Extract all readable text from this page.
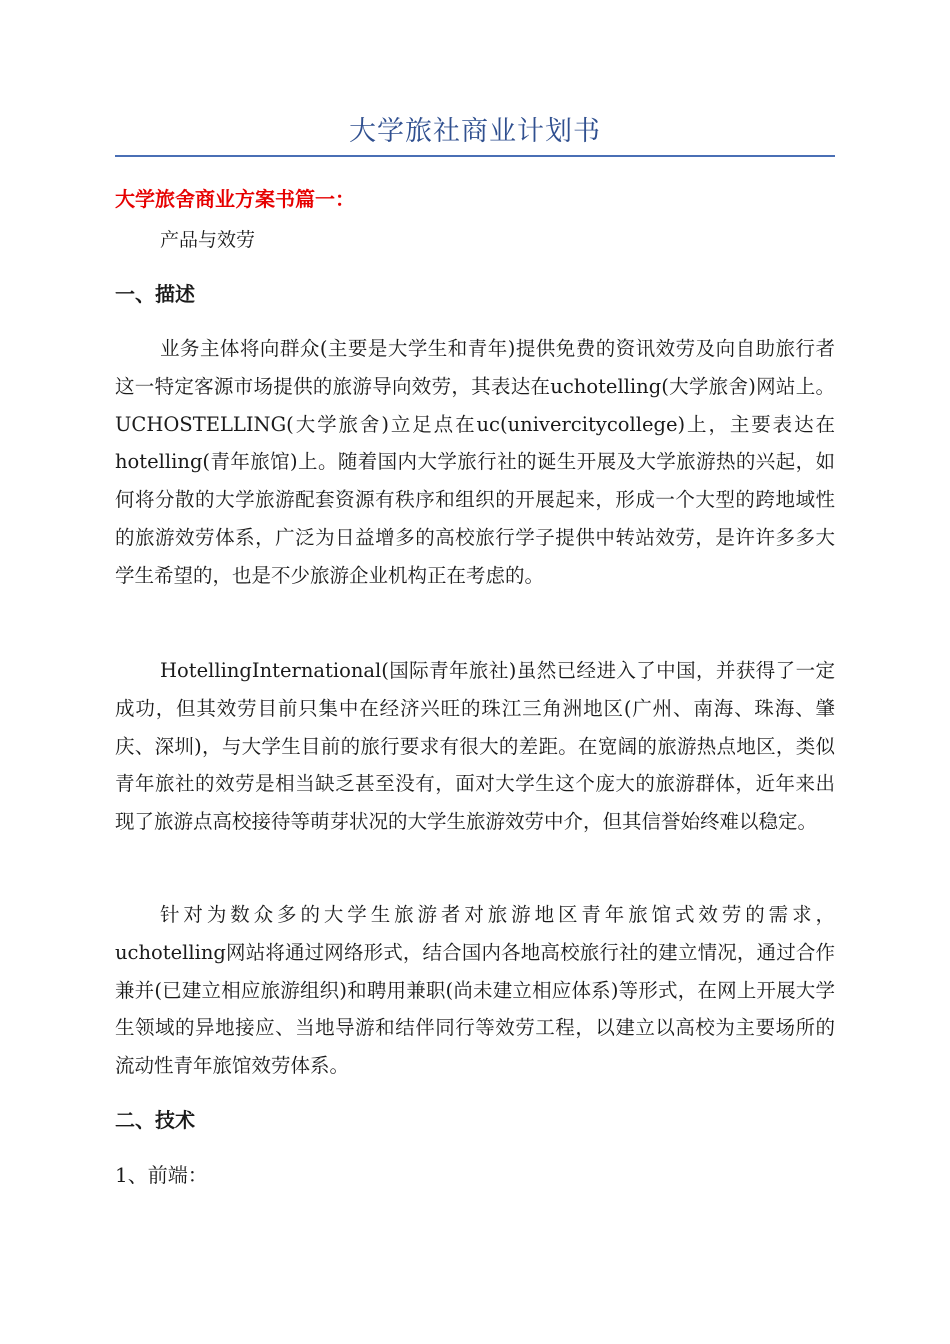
大学旅社商业计划书
大学旅舍商业方案书篇一：
产品与效劳
一、描述

业务主体将向群众(主要是大学生和青年)提供免费的资讯效劳及向自助旅行者这一特定客源市场提供的旅游导向效劳，其表达在uchotelling(大学旅舍)网站上。UCHOSTELLING(大学旅舍)立足点在uc(univercitycollege)上，主要表达在hotelling(青年旅馆)上。随着国内大学旅行社的诞生开展及大学旅游热的兴起，如何将分散的大学旅游配套资源有秩序和组织的开展起来，形成一个大型的跨地域性的旅游效劳体系，广泛为日益增多的高校旅行学子提供中转站效劳，是许许多多大学生希望的，也是不少旅游企业机构正在考虑的。

HotellingInternational(国际青年旅社)虽然已经进入了中国，并获得了一定成功，但其效劳目前只集中在经济兴旺的珠江三角洲地区(广州、南海、珠海、肇庆、深圳)，与大学生目前的旅行要求有很大的差距。在宽阔的旅游热点地区，类似青年旅社的效劳是相当缺乏甚至没有，面对大学生这个庞大的旅游群体，近年来出现了旅游点高校接待等萌芽状况的大学生旅游效劳中介，但其信誉始终难以稳定。

针对为数众多的大学生旅游者对旅游地区青年旅馆式效劳的需求，uchotelling网站将通过网络形式，结合国内各地高校旅行社的建立情况，通过合作兼并(已建立相应旅游组织)和聘用兼职(尚未建立相应体系)等形式，在网上开展大学生领域的异地接应、当地导游和结伴同行等效劳工程，以建立以高校为主要场所的流动性青年旅馆效劳体系。

二、技术
1、前端：
